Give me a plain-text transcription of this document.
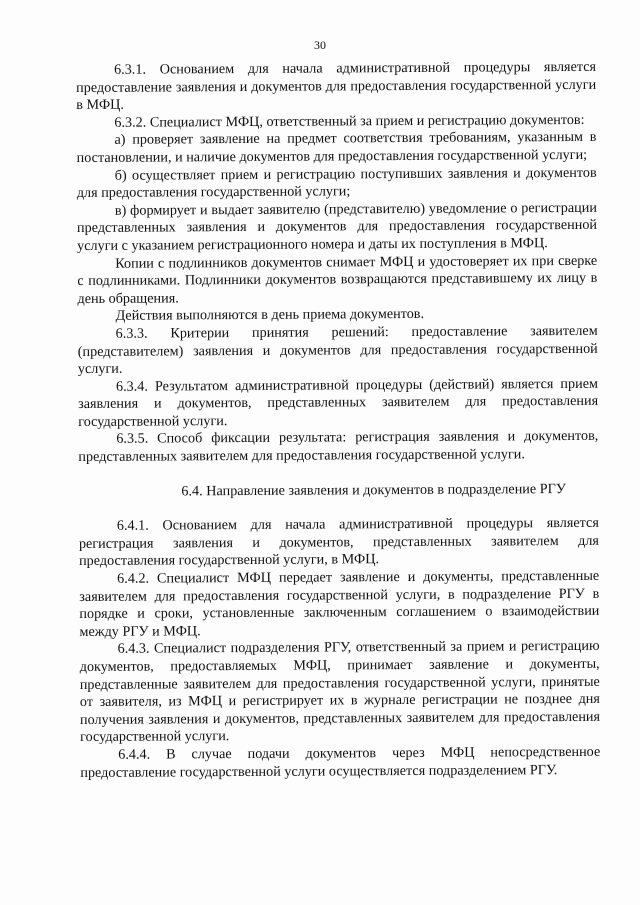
30

6.3.1. Основанием для начала административной процедуры является предоставление заявления и документов для предоставления государственной услуги в МФЦ.

6.3.2. Специалист МФЦ, ответственный за прием и регистрацию документов:

а) проверяет заявление на предмет соответствия требованиям, указанным в постановлении, и наличие документов для предоставления государственной услуги;

б) осуществляет прием и регистрацию поступивших заявления и документов для предоставления государственной услуги;

в) формирует и выдает заявителю (представителю) уведомление о регистрации представленных заявления и документов для предоставления государственной услуги с указанием регистрационного номера и даты их поступления в МФЦ.

Копии с подлинников документов снимает МФЦ и удостоверяет их при сверке с подлинниками. Подлинники документов возвращаются представившему их лицу в день обращения.

Действия выполняются в день приема документов.

6.3.3. Критерии принятия решений: предоставление заявителем (представителем) заявления и документов для предоставления государственной услуги.

6.3.4. Результатом административной процедуры (действий) является прием заявления и документов, представленных заявителем для предоставления государственной услуги.

6.3.5. Способ фиксации результата: регистрация заявления и документов, представленных заявителем для предоставления государственной услуги.

6.4. Направление заявления и документов в подразделение РГУ

6.4.1. Основанием для начала административной процедуры является регистрация заявления и документов, представленных заявителем для предоставления государственной услуги, в МФЦ.

6.4.2. Специалист МФЦ передает заявление и документы, представленные заявителем для предоставления государственной услуги, в подразделение РГУ в порядке и сроки, установленные заключенным соглашением о взаимодействии между РГУ и МФЦ.

6.4.3. Специалист подразделения РГУ, ответственный за прием и регистрацию документов, предоставляемых МФЦ, принимает заявление и документы, представленные заявителем для предоставления государственной услуги, принятые от заявителя, из МФЦ и регистрирует их в журнале регистрации не позднее дня получения заявления и документов, представленных заявителем для предоставления государственной услуги.

6.4.4. В случае подачи документов через МФЦ непосредственное предоставление государственной услуги осуществляется подразделением РГУ.
